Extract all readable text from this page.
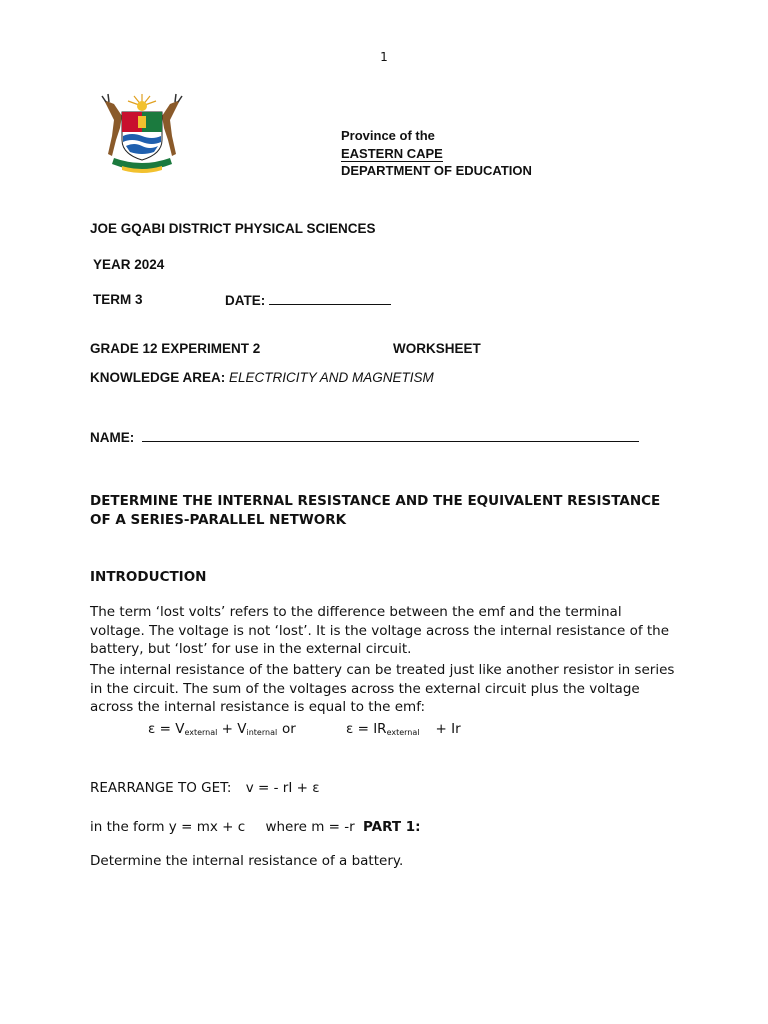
1
Province of the
EASTERN CAPE
DEPARTMENT OF EDUCATION
JOE GQABI DISTRICT PHYSICAL SCIENCES
YEAR 2024
TERM 3	DATE:
GRADE 12 EXPERIMENT 2	WORKSHEET
KNOWLEDGE AREA: ELECTRICITY AND MAGNETISM
NAME:
DETERMINE THE INTERNAL RESISTANCE AND THE EQUIVALENT RESISTANCE OF A SERIES-PARALLEL NETWORK
INTRODUCTION
The term ‘lost volts’ refers to the difference between the emf and the terminal voltage. The voltage is not ‘lost’. It is the voltage across the internal resistance of the battery, but ‘lost’ for use in the external circuit.
The internal resistance of the battery can be treated just like another resistor in series in the circuit. The sum of the voltages across the external circuit plus the voltage across the internal resistance is equal to the emf:
$\varepsilon = V_{external} + V_{internal}$ or	$\varepsilon = IR_{external} + Ir$
REARRANGE TO GET: v = - rI + ε
in the form y = mx + c where m = -r PART 1:
Determine the internal resistance of a battery.
